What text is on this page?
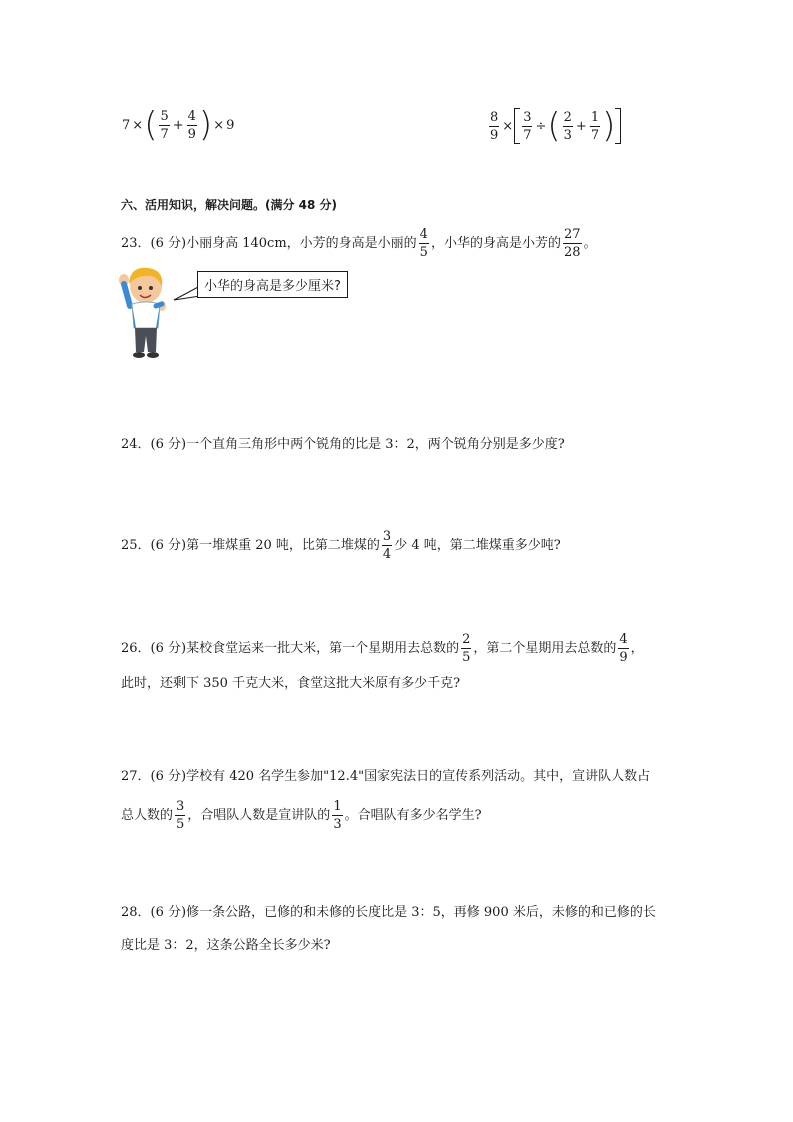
7 × ( $\frac{5}{7} + \frac{4}{9}$ ) × 9	$\frac{8}{9} \times \frac{3}{7}$ ÷ ( $\frac{2}{3} + \frac{1}{7}$ )
六、活用知识，解决问题。(满分 48 分)
23．(6 分)小丽身高 140cm，小芳的身高是小丽的 $\frac{4}{5}$ ，小华的身高是小芳的 $\frac{27}{28}$ 。
小华的身高是多少厘米?
24．(6 分)一个直角三角形中两个锐角的比是 3：2，两个锐角分别是多少度?
25．(6 分)第一堆煤重 20 吨，比第二堆煤的 $\frac{3}{4}$ 少 4 吨，第二堆煤重多少吨?
26．(6 分)某校食堂运来一批大米，第一个星期用去总数的 $\frac{2}{5}$ ，第二个星期用去总数的 $\frac{4}{9}$ ，
此时，还剩下 350 千克大米，食堂这批大米原有多少千克?
27．(6 分)学校有 420 名学生参加"12.4"国家宪法日的宣传系列活动。其中，宣讲队人数占
总人数的 $\frac{3}{5}$ ，合唱队人数是宣讲队的 $\frac{1}{3}$ 。合唱队有多少名学生?
28．(6 分)修一条公路，已修的和未修的长度比是 3：5，再修 900 米后，未修的和已修的长
度比是 3：2，这条公路全长多少米?
